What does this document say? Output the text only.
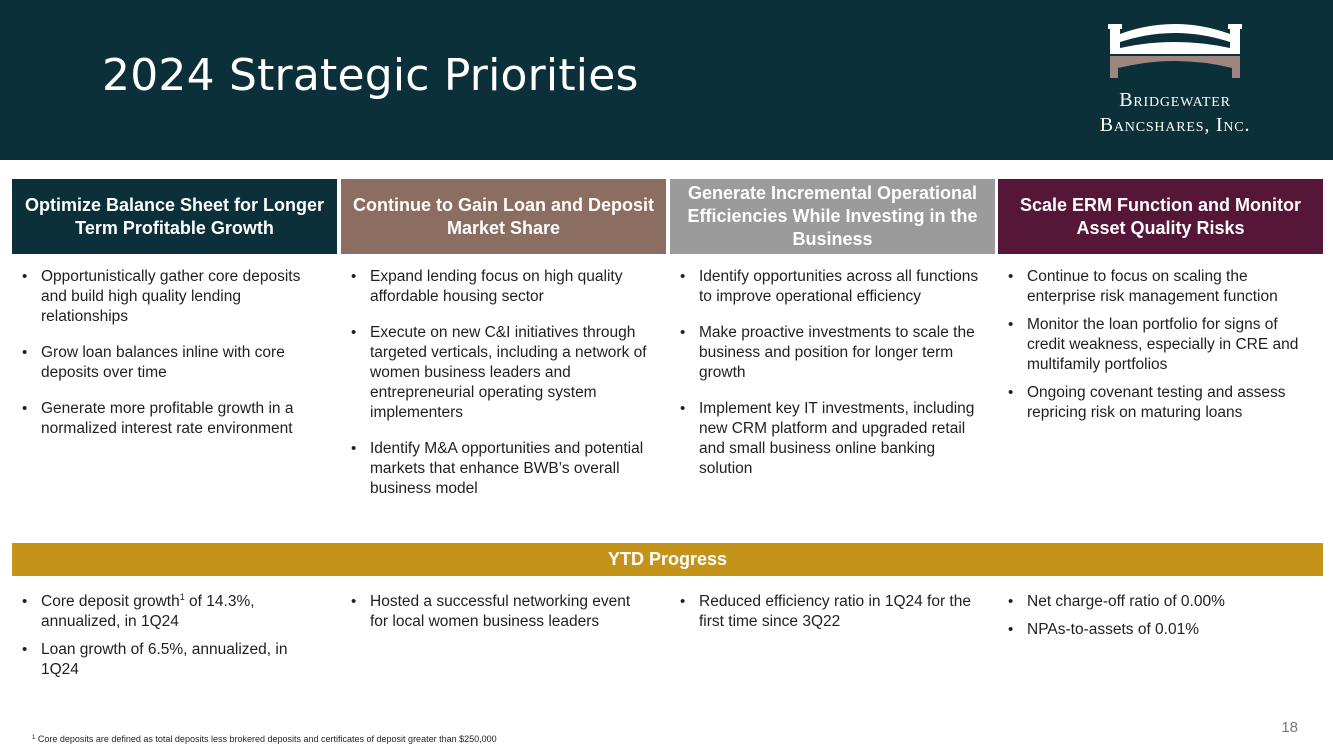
2024 Strategic Priorities	Bridgewater
Bancshares, Inc.
Optimize Balance Sheet for Longer Term Profitable Growth
Continue to Gain Loan and Deposit Market Share
Generate Incremental Operational Efficiencies While Investing in the Business
Scale ERM Function and Monitor Asset Quality Risks
• Opportunistically gather core deposits and build high quality lending relationships
• Grow loan balances inline with core deposits over time
• Generate more profitable growth in a normalized interest rate environment
• Expand lending focus on high quality affordable housing sector
• Execute on new C&I initiatives through targeted verticals, including a network of women business leaders and entrepreneurial operating system implementers
• Identify M&A opportunities and potential markets that enhance BWB’s overall business model
• Identify opportunities across all functions to improve operational efficiency
• Make proactive investments to scale the business and position for longer term growth
• Implement key IT investments, including new CRM platform and upgraded retail and small business online banking solution
• Continue to focus on scaling the enterprise risk management function
• Monitor the loan portfolio for signs of credit weakness, especially in CRE and multifamily portfolios
• Ongoing covenant testing and assess repricing risk on maturing loans
YTD Progress
• Core deposit growth$^1$ of 14.3%, annualized, in 1Q24
• Loan growth of 6.5%, annualized, in 1Q24
• Hosted a successful networking event for local women business leaders
• Reduced efficiency ratio in 1Q24 for the first time since 3Q22
• Net charge-off ratio of 0.00%
• NPAs-to-assets of 0.01%
$^1$ Core deposits are defined as total deposits less brokered deposits and certificates of deposit greater than $250,000
18
